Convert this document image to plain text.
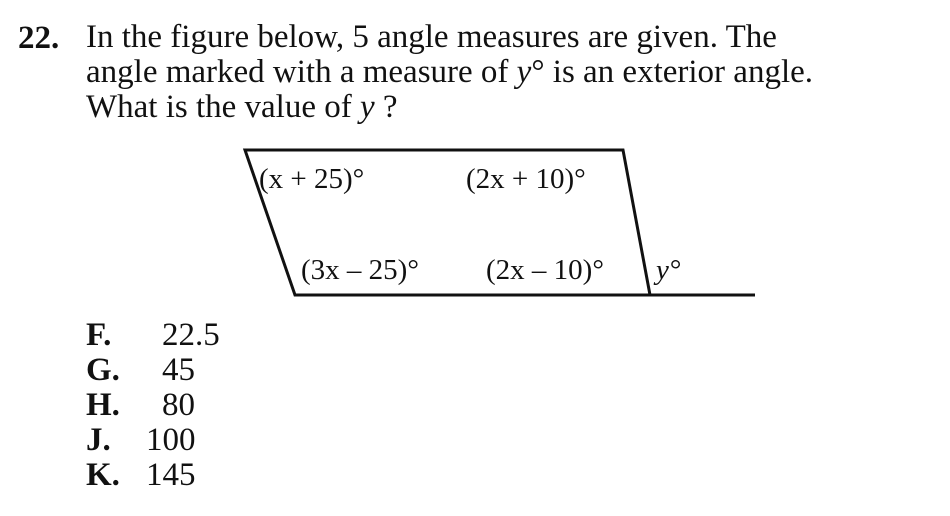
22. In the figure below, 5 angle measures are given. The
angle marked with a measure of y° is an exterior angle.
What is the value of y ?
(x + 25)°	(2x + 10)°
(3x – 25)° (2x – 10)° y°
F. 22.5
G. 45
H. 80
J. 100
K. 145
